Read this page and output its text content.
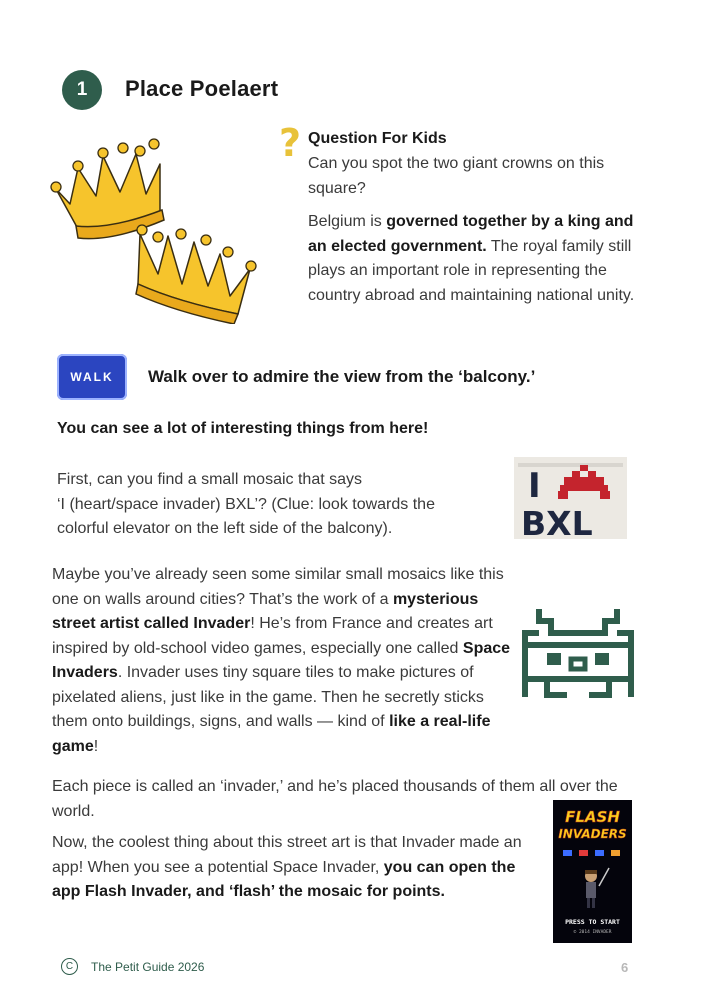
1 Place Poelaert
? Question For Kids
Can you spot the two giant crowns on this square?
Belgium is governed together by a king and an elected government. The royal family still plays an important role in representing the country abroad and maintaining national unity.
WALK	Walk over to admire the view from the ‘balcony.’
You can see a lot of interesting things from here!
First, can you find a small mosaic that says
‘I (heart/space invader) BXL’? (Clue: look towards the
colorful elevator on the left side of the balcony).
I
BXL
Maybe you’ve already seen some similar small mosaics like this one on walls around cities? That’s the work of a mysterious street artist called Invader! He’s from France and creates art inspired by old-school video games, especially one called Space Invaders. Invader uses tiny square tiles to make pictures of pixelated aliens, just like in the game. Then he secretly sticks them onto buildings, signs, and walls — kind of like a real-life game!
Each piece is called an ‘invader,’ and he’s placed thousands of them all over the world.
Now, the coolest thing about this street art is that Invader made an app! When you see a potential Space Invader, you can open the app Flash Invader, and ‘flash’ the mosaic for points.
FLASH
INVADERS
PRESS TO START
© 2014 INVADER
C The Petit Guide 2026	6
